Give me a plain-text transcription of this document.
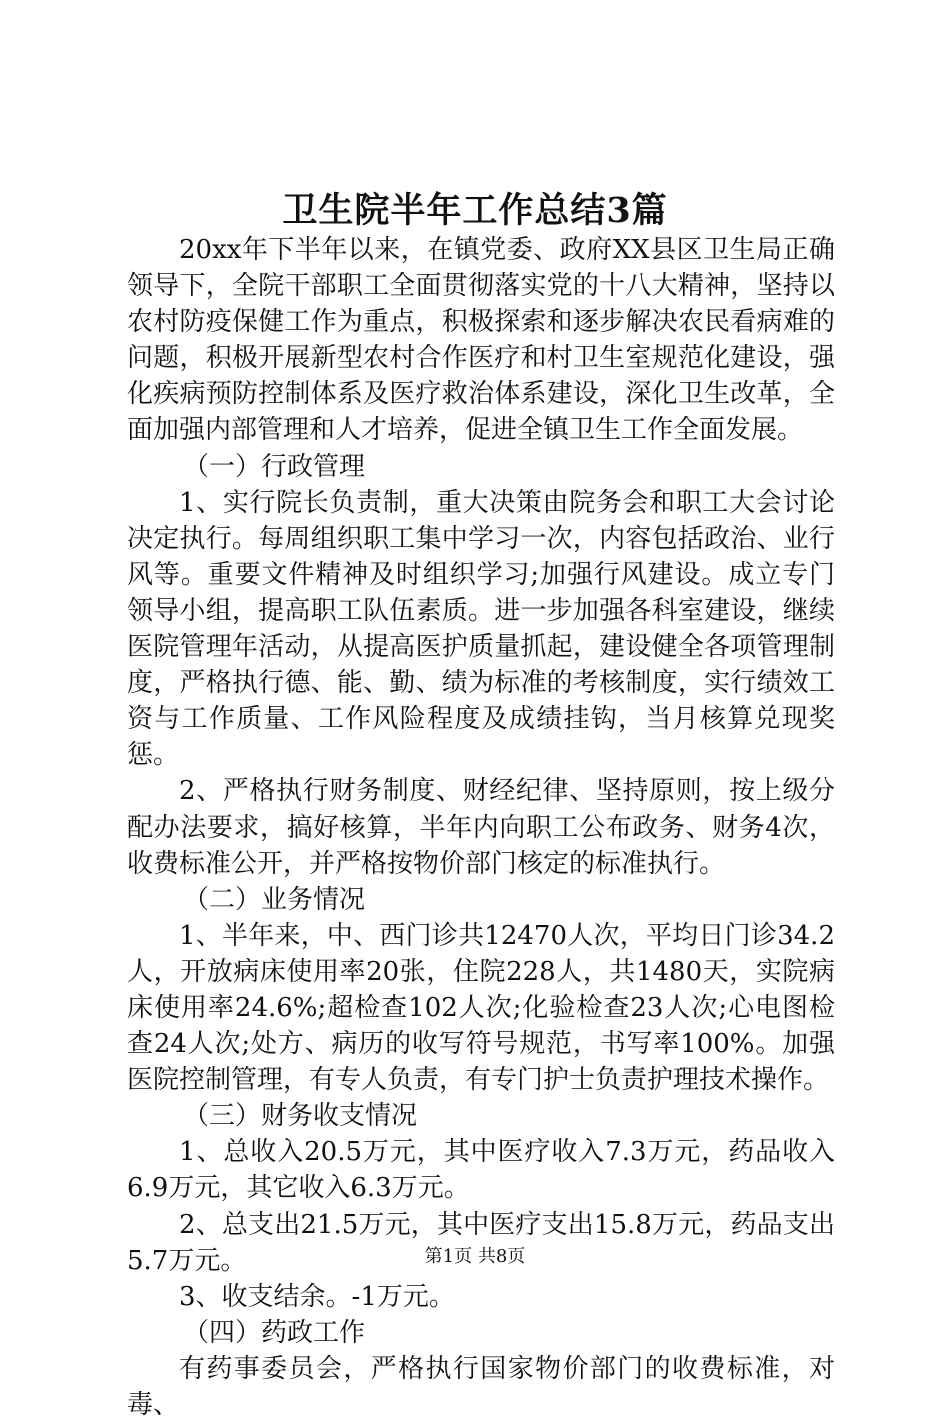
卫生院半年工作总结3篇

20xx年下半年以来，在镇党委、政府XX县区卫生局正确领导下，全院干部职工全面贯彻落实党的十八大精神，坚持以农村防疫保健工作为重点，积极探索和逐步解决农民看病难的问题，积极开展新型农村合作医疗和村卫生室规范化建设，强化疾病预防控制体系及医疗救治体系建设，深化卫生改革，全面加强内部管理和人才培养，促进全镇卫生工作全面发展。

（一）行政管理

1、实行院长负责制，重大决策由院务会和职工大会讨论决定执行。每周组织职工集中学习一次，内容包括政治、业行风等。重要文件精神及时组织学习;加强行风建设。成立专门领导小组，提高职工队伍素质。进一步加强各科室建设，继续医院管理年活动，从提高医护质量抓起，建设健全各项管理制度，严格执行德、能、勤、绩为标准的考核制度，实行绩效工资与工作质量、工作风险程度及成绩挂钩，当月核算兑现奖惩。

2、严格执行财务制度、财经纪律、坚持原则，按上级分配办法要求，搞好核算，半年内向职工公布政务、财务4次，收费标准公开，并严格按物价部门核定的标准执行。

（二）业务情况

1、半年来，中、西门诊共12470人次，平均日门诊34.2人，开放病床使用率20张，住院228人，共1480天，实院病床使用率24.6%;超检查102人次;化验检查23人次;心电图检查24人次;处方、病历的收写符号规范，书写率100%。加强医院控制管理，有专人负责，有专门护士负责护理技术操作。

（三）财务收支情况

1、总收入20.5万元，其中医疗收入7.3万元，药品收入6.9万元，其它收入6.3万元。

2、总支出21.5万元，其中医疗支出15.8万元，药品支出5.7万元。

3、收支结余。-1万元。

（四）药政工作

有药事委员会，严格执行国家物价部门的收费标准，对毒、

第1页 共8页
